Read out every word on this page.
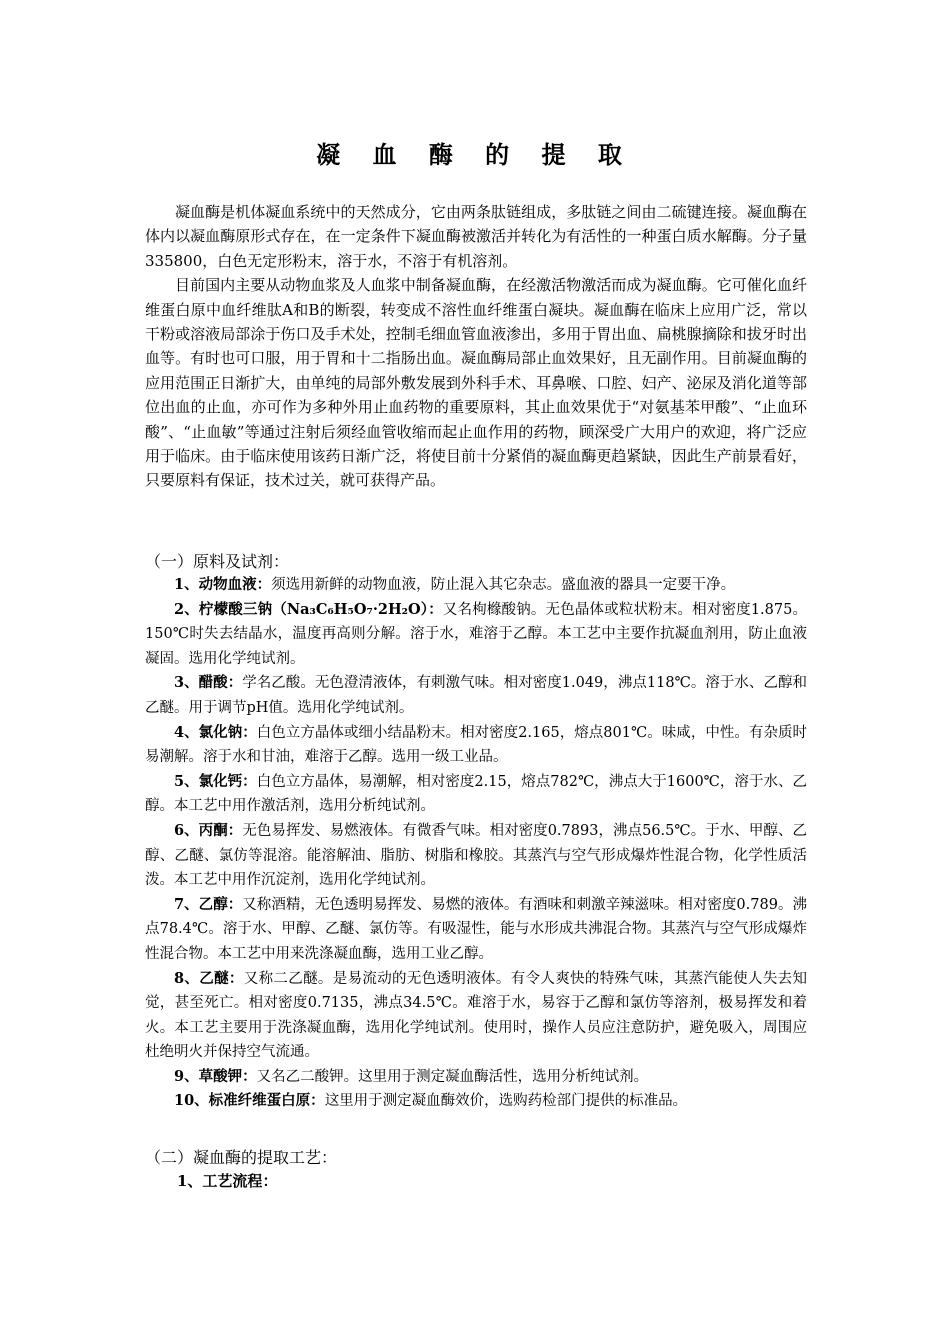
凝 血 酶 的 提 取

凝血酶是机体凝血系统中的天然成分，它由两条肽链组成，多肽链之间由二硫键连接。凝血酶在体内以凝血酶原形式存在，在一定条件下凝血酶被激活并转化为有活性的一种蛋白质水解酶。分子量335800，白色无定形粉末，溶于水，不溶于有机溶剂。

目前国内主要从动物血浆及人血浆中制备凝血酶，在经激活物激活而成为凝血酶。它可催化血纤维蛋白原中血纤维肽A和B的断裂，转变成不溶性血纤维蛋白凝块。凝血酶在临床上应用广泛，常以干粉或溶液局部涂于伤口及手术处，控制毛细血管血液渗出，多用于胃出血、扁桃腺摘除和拔牙时出血等。有时也可口服，用于胃和十二指肠出血。凝血酶局部止血效果好，且无副作用。目前凝血酶的应用范围正日渐扩大，由单纯的局部外敷发展到外科手术、耳鼻喉、口腔、妇产、泌尿及消化道等部位出血的止血，亦可作为多种外用止血药物的重要原料，其止血效果优于“对氨基苯甲酸”、“止血环酸”、“止血敏”等通过注射后须经血管收缩而起止血作用的药物，顾深受广大用户的欢迎，将广泛应用于临床。由于临床使用该药日渐广泛，将使目前十分紧俏的凝血酶更趋紧缺，因此生产前景看好，只要原料有保证，技术过关，就可获得产品。

（一）原料及试剂：

1、动物血液：须选用新鲜的动物血液，防止混入其它杂志。盛血液的器具一定要干净。

2、柠檬酸三钠（Na₃C₆H₅O₇·2H₂O）：又名枸橼酸钠。无色晶体或粒状粉末。相对密度1.875。150℃时失去结晶水，温度再高则分解。溶于水，难溶于乙醇。本工艺中主要作抗凝血剂用，防止血液凝固。选用化学纯试剂。

3、醋酸：学名乙酸。无色澄清液体，有刺激气味。相对密度1.049，沸点118℃。溶于水、乙醇和乙醚。用于调节pH值。选用化学纯试剂。

4、氯化钠：白色立方晶体或细小结晶粉末。相对密度2.165，熔点801℃。味咸，中性。有杂质时易潮解。溶于水和甘油，难溶于乙醇。选用一级工业品。

5、氯化钙：白色立方晶体，易潮解，相对密度2.15，熔点782℃，沸点大于1600℃，溶于水、乙醇。本工艺中用作激活剂，选用分析纯试剂。

6、丙酮：无色易挥发、易燃液体。有微香气味。相对密度0.7893，沸点56.5℃。于水、甲醇、乙醇、乙醚、氯仿等混溶。能溶解油、脂肪、树脂和橡胶。其蒸汽与空气形成爆炸性混合物，化学性质活泼。本工艺中用作沉淀剂，选用化学纯试剂。

7、乙醇：又称酒精，无色透明易挥发、易燃的液体。有酒味和刺激辛辣滋味。相对密度0.789。沸点78.4℃。溶于水、甲醇、乙醚、氯仿等。有吸湿性，能与水形成共沸混合物。其蒸汽与空气形成爆炸性混合物。本工艺中用来洗涤凝血酶，选用工业乙醇。

8、乙醚：又称二乙醚。是易流动的无色透明液体。有令人爽快的特殊气味，其蒸汽能使人失去知觉，甚至死亡。相对密度0.7135，沸点34.5℃。难溶于水，易容于乙醇和氯仿等溶剂，极易挥发和着火。本工艺主要用于洗涤凝血酶，选用化学纯试剂。使用时，操作人员应注意防护，避免吸入，周围应杜绝明火并保持空气流通。

9、草酸钾：又名乙二酸钾。这里用于测定凝血酶活性，选用分析纯试剂。

10、标准纤维蛋白原：这里用于测定凝血酶效价，选购药检部门提供的标准品。

（二）凝血酶的提取工艺：
1、工艺流程：
